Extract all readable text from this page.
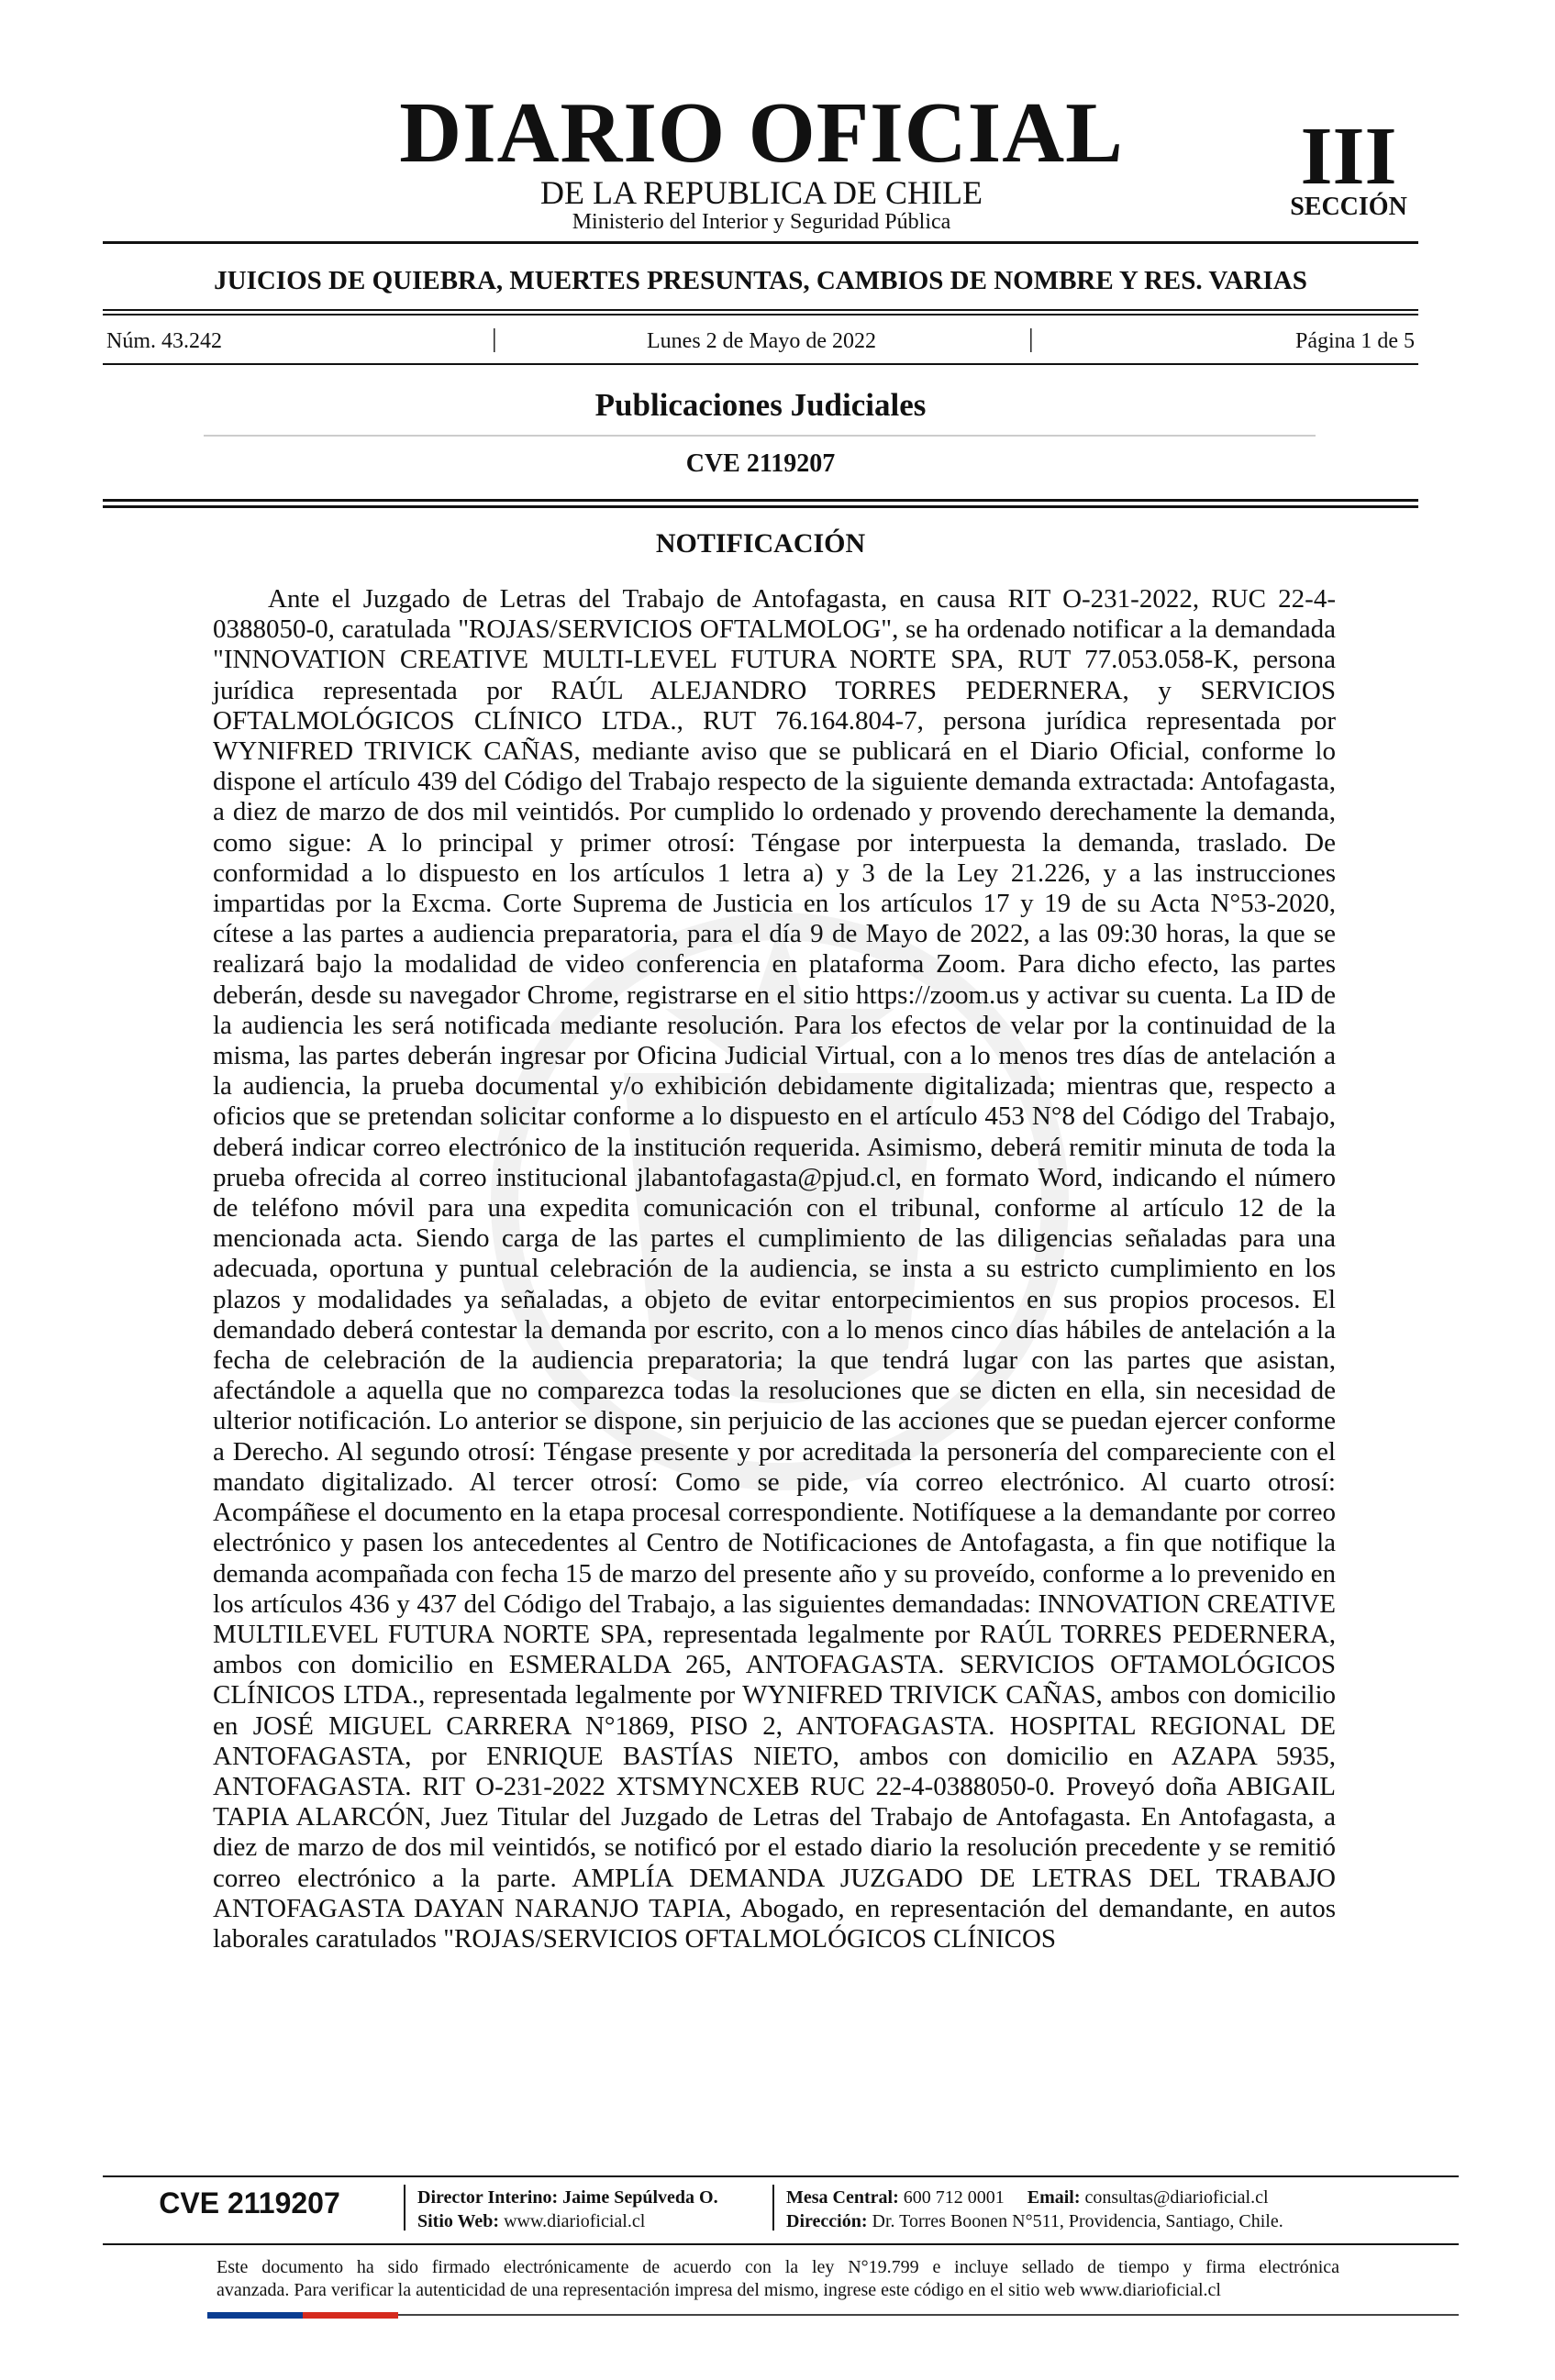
DIARIO OFICIAL
DE LA REPUBLICA DE CHILE
Ministerio del Interior y Seguridad Pública
III
SECCIÓN
JUICIOS DE QUIEBRA, MUERTES PRESUNTAS, CAMBIOS DE NOMBRE Y RES. VARIAS
Núm. 43.242	|	Lunes 2 de Mayo de 2022	|	Página 1 de 5
Publicaciones Judiciales
CVE 2119207
NOTIFICACIÓN

Ante el Juzgado de Letras del Trabajo de Antofagasta, en causa RIT O-231-2022, RUC 22-4- 0388050-0, caratulada "ROJAS/SERVICIOS OFTALMOLOG", se ha ordenado notificar a la demandada "INNOVATION CREATIVE MULTI-LEVEL FUTURA NORTE SPA, RUT 77.053.058-K, persona jurídica representada por RAÚL ALEJANDRO TORRES PEDERNERA, y SERVICIOS OFTALMOLÓGICOS CLÍNICO LTDA., RUT 76.164.804-7, persona jurídica representada por WYNIFRED TRIVICK CAÑAS, mediante aviso que se publicará en el Diario Oficial, conforme lo dispone el artículo 439 del Código del Trabajo respecto de la siguiente demanda extractada: Antofagasta, a diez de marzo de dos mil veintidós. Por cumplido lo ordenado y provendo derechamente la demanda, como sigue: A lo principal y primer otrosí: Téngase por interpuesta la demanda, traslado. De conformidad a lo dispuesto en los artículos 1 letra a) y 3 de la Ley 21.226, y a las instrucciones impartidas por la Excma. Corte Suprema de Justicia en los artículos 17 y 19 de su Acta N°53-2020, cítese a las partes a audiencia preparatoria, para el día 9 de Mayo de 2022, a las 09:30 horas, la que se realizará bajo la modalidad de video conferencia en plataforma Zoom. Para dicho efecto, las partes deberán, desde su navegador Chrome, registrarse en el sitio https://zoom.us y activar su cuenta. La ID de la audiencia les será notificada mediante resolución. Para los efectos de velar por la continuidad de la misma, las partes deberán ingresar por Oficina Judicial Virtual, con a lo menos tres días de antelación a la audiencia, la prueba documental y/o exhibición debidamente digitalizada; mientras que, respecto a oficios que se pretendan solicitar conforme a lo dispuesto en el artículo 453 N°8 del Código del Trabajo, deberá indicar correo electrónico de la institución requerida. Asimismo, deberá remitir minuta de toda la prueba ofrecida al correo institucional jlabantofagasta@pjud.cl, en formato Word, indicando el número de teléfono móvil para una expedita comunicación con el tribunal, conforme al artículo 12 de la mencionada acta. Siendo carga de las partes el cumplimiento de las diligencias señaladas para una adecuada, oportuna y puntual celebración de la audiencia, se insta a su estricto cumplimiento en los plazos y modalidades ya señaladas, a objeto de evitar entorpecimientos en sus propios procesos. El demandado deberá contestar la demanda por escrito, con a lo menos cinco días hábiles de antelación a la fecha de celebración de la audiencia preparatoria; la que tendrá lugar con las partes que asistan, afectándole a aquella que no comparezca todas la resoluciones que se dicten en ella, sin necesidad de ulterior notificación. Lo anterior se dispone, sin perjuicio de las acciones que se puedan ejercer conforme a Derecho. Al segundo otrosí: Téngase presente y por acreditada la personería del compareciente con el mandato digitalizado. Al tercer otrosí: Como se pide, vía correo electrónico. Al cuarto otrosí: Acompáñese el documento en la etapa procesal correspondiente. Notifíquese a la demandante por correo electrónico y pasen los antecedentes al Centro de Notificaciones de Antofagasta, a fin que notifique la demanda acompañada con fecha 15 de marzo del presente año y su proveído, conforme a lo prevenido en los artículos 436 y 437 del Código del Trabajo, a las siguientes demandadas: INNOVATION CREATIVE MULTILEVEL FUTURA NORTE SPA, representada legalmente por RAÚL TORRES PEDERNERA, ambos con domicilio en ESMERALDA 265, ANTOFAGASTA. SERVICIOS OFTAMOLÓGICOS CLÍNICOS LTDA., representada legalmente por WYNIFRED TRIVICK CAÑAS, ambos con domicilio en JOSÉ MIGUEL CARRERA N°1869, PISO 2, ANTOFAGASTA. HOSPITAL REGIONAL DE ANTOFAGASTA, por ENRIQUE BASTÍAS NIETO, ambos con domicilio en AZAPA 5935, ANTOFAGASTA. RIT O-231-2022 XTSMYNCXEB RUC 22-4-0388050-0. Proveyó doña ABIGAIL TAPIA ALARCÓN, Juez Titular del Juzgado de Letras del Trabajo de Antofagasta. En Antofagasta, a diez de marzo de dos mil veintidós, se notificó por el estado diario la resolución precedente y se remitió correo electrónico a la parte. AMPLÍA DEMANDA JUZGADO DE LETRAS DEL TRABAJO ANTOFAGASTA DAYAN NARANJO TAPIA, Abogado, en representación del demandante, en autos laborales caratulados "ROJAS/SERVICIOS OFTALMOLÓGICOS CLÍNICOS

CVE 2119207	Director Interino: Jaime Sepúlveda O.
Sitio Web: www.diarioficial.cl
Mesa Central: 600 712 0001 Email: consultas@diarioficial.cl
Dirección: Dr. Torres Boonen N°511, Providencia, Santiago, Chile.
Este documento ha sido firmado electrónicamente de acuerdo con la ley N°19.799 e incluye sellado de tiempo y firma electrónica
avanzada. Para verificar la autenticidad de una representación impresa del mismo, ingrese este código en el sitio web www.diarioficial.cl
